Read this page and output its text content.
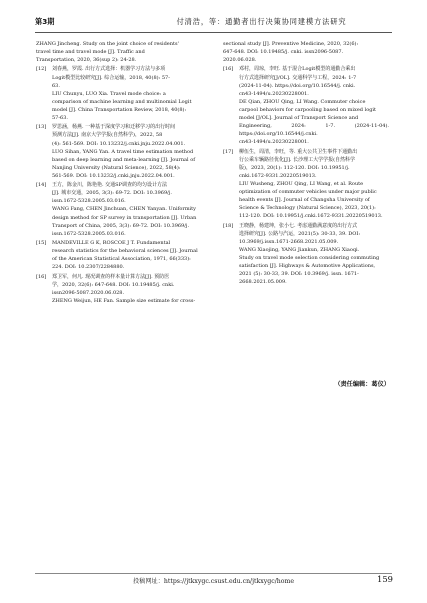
第3期	付清浩，等：通勤者出行决策协同建模方法研究
ZHANG Jincheng. Study on the joint choice of residents'
travel time and travel mode [J]. Traffic and
Transportation, 2020, 36(sup 2): 24-28.
[12] 刘春燕，罗霞. 出行方式选择：机器学习方法与多项
Logit模型比较研究[J]. 综合运输，2018, 40(8): 57-
63.
LIU Chunyu, LUO Xia. Travel mode choice: a
comparison of machine learning and multinomial Logit
model [J]. China Transportation Review, 2018, 40(8):
57-63.
[13] 罗思涵，杨燕. 一种基于深度学习和迁移学习的出行时间
预测方法[J]. 南京大学学报(自然科学)，2022, 58
(4): 561-569. DOI: 10.13232/j.cnki.jnju.2022.04.001.
LUO Sihan, YANG Yan. A travel time estimation method
based on deep learning and meta-learning [J]. Journal of
Nanjing University (Natural Science), 2022, 58(4):
561-569. DOI: 10.13232/j.cnki.jnju.2022.04.001.
[14] 王方，陈金川，陈艳艳. 交通SP调查的均匀设计方法
[J]. 城市交通，2005, 3(3): 69-72. DOI: 10.3969/j.
issn.1672-5328.2005.03.016.
WANG Fang, CHEN Jinchuan, CHEN Yanyan. Uniformity
design method for SP survey in transportation [J]. Urban
Transport of China, 2005, 3(3): 69-72. DOI: 10.3969/j.
issn.1672-5328.2005.03.016.
[15] MANDEVILLE G K, ROSCOE J T. Fundamental
research statistics for the behavioral sciences [J]. Journal
of the American Statistical Association, 1971, 66(333):
224. DOI: 10.2307/2284880.
[16] 郑卫军，何凡. 现况调查的样本量计算方法[J]. 预防医
学，2020, 32(6): 647-648. DOI: 10.19485/j. cnki.
issn2096-5087.2020.06.028.
ZHENG Weijun, HE Fan. Sample size estimate for cross-
sectional study [J]. Preventive Medicine, 2020, 32(6):
647-648. DOI: 10.19485/j. cnki. issn2096-5087.
2020.06.028.
[16] 邓村，周琼，李旺. 基于混合Logit模型的通勤合乘出
行方式选择研究[J/OL]. 交通科学与工程，2024: 1-7
(2024-11-04). https://doi.org/10.16544/j. cnki.
cn43-1494/u.20230228001.
DE Qian, ZHOU Qing, LI Wang. Commuter choice
carpool behaviors for carpooling based on mixed logit
model [J/OL]. Journal of Transport Science and
Engineering, 2024: 1-7. (2024-11-04). https://doi.org/10.16544/j.cnki.
cn43-1494/u.20230228001.
[17] 柳伍生，周清，李旺，等. 重大公共卫生事件下通勤出
行公乘车辆路径优化[J]. 长沙理工大学学报(自然科学
版)，2023, 20(1): 112-120. DOI: 10.19951/j.
cnki.1672-9331.20220519013.
LIU Wusheng, ZHOU Qing, LI Wang, et al. Route
optimization of commuter vehicles under major public
health events [J]. Journal of Changsha University of
Science & Technology (Natural Science), 2023, 20(1):
112-120. DOI: 10.19951/j.cnki.1672-9331.20220519013.
[18] 王晓静，杨建坤，张小七. 考虑通勤满意度的出行方式
选择研究[J]. 公路与汽运，2021(5): 30-33, 39. DOI:
10.3969/j.issn.1671-2668.2021.05.009.
WANG Xiaojing, YANG Jiankun, ZHANG Xiaoqi.
Study on travel mode selection considering commuting
satisfaction [J]. Highways & Automotive Applications,
2021 (5): 30-33, 39. DOI: 10.3969/j. issn. 1671-
2668.2021.05.009.
（责任编辑：葛仪）
投稿网址：https://jtkxygc.csust.edu.cn/jtkxygc/home	159
